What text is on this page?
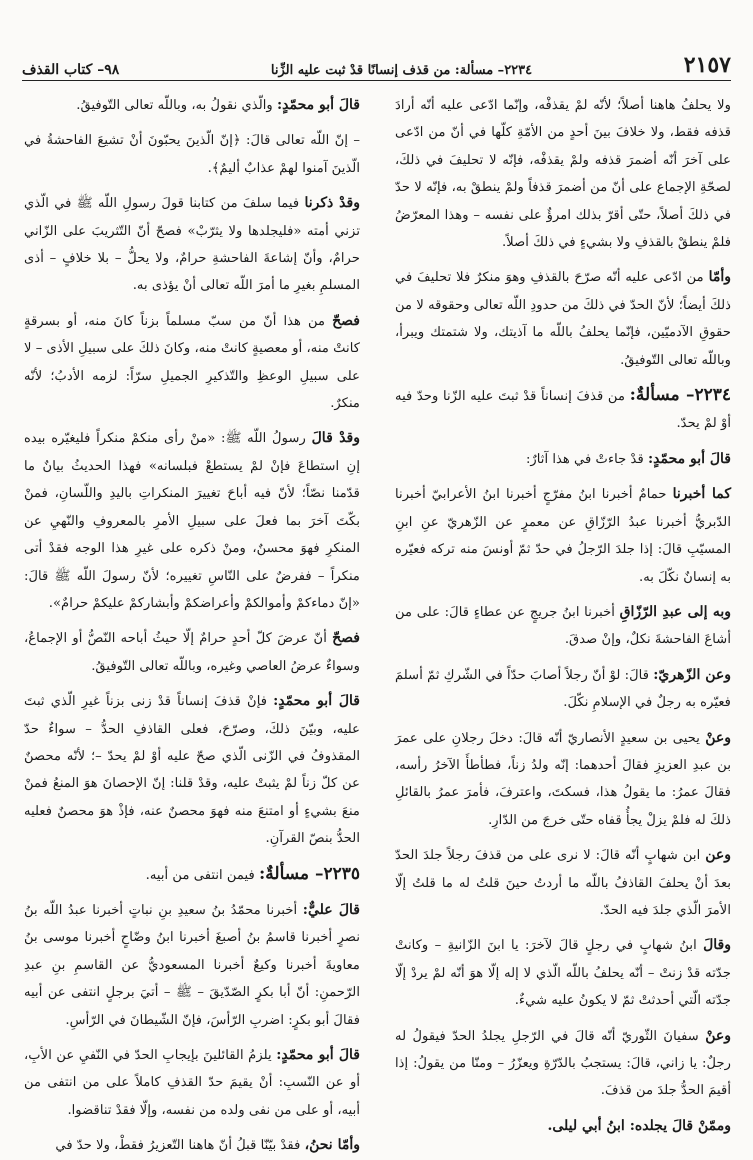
٢١٥٧
٢٢٣٤– مسألة: من قذف إنسانًا قدْ ثبت عليه الزِّنا
٩٨– كتاب القذف

ولا يحلفُ هاهنا أصلاً؛ لأنّه لمْ يقذفْه، وإنّما ادّعى عليه أنّه أرادَ قذفه فقط، ولا خلافَ بينَ أحدٍ من الأمّةِ كلّها في أنّ من ادّعى على آخرَ أنّه أضمرَ قذفه ولمْ يقذفْه، فإنّه لا تحليفَ في ذلكَ، لصحّةِ الإجماع على أنّ من أضمرَ قذفاً ولمْ ينطقْ به، فإنّه لا حدّ في ذلكَ أصلاً، حتّى أقرّ بذلك امرؤٌ على نفسه – وهذا المعرّضُ فلمْ ينطقْ بالقذفِ ولا بشيءٍ في ذلكَ أصلاً.

وأمّا من ادّعى عليه أنّه صرّحَ بالقذفِ وهوَ منكرٌ فلا تحليفَ في ذلكَ أيضاً؛ لأنّ الحدّ في ذلكَ من حدودِ اللّه تعالى وحقوقه لا من حقوقِ الآدميّين، فإنّما يحلفُ باللّه ما آذيتك، ولا شتمتك ويبرأ، وباللّه تعالى التّوفيقُ.

٢٢٣٤– مسألةٌ: من قذفَ إنساناً قدْ ثبتَ عليه الزّنا وحدّ فيه أوْ لمْ يحدّ.

قالَ أبو محمّدٍ: قدْ جاءتْ في هذا آثارٌ:

كما أخبرنا حمامٌ أخبرنا ابنُ مفرّجٍ أخبرنا ابنُ الأعرابيّ أخبرنا الدّبريُّ أخبرنا عبدُ الرّزّاقِ عن معمرٍ عن الزّهريّ عنِ ابنِ المسيّبِ قالَ: إذا جلدَ الرّجلُ في حدّ ثمّ أونسَ منه تركه فعيّره به إنسانٌ نكّلَ به.

وبه إلى عبدِ الرّزّاقِ أخبرنا ابنُ جريجٍ عن عطاءٍ قالَ: على من أشاعَ الفاحشةَ نكلٌ، وإنْ صدقَ.

وعن الزّهريّ: قالَ: لوْ أنّ رجلاً أصابَ حدّاً في الشّركِ ثمّ أسلمَ فعيّره به رجلٌ في الإسلامِ نكّلَ.

وعنْ يحيى بن سعيدٍ الأنصاريّ أنّه قالَ: دخلَ رجلانِ على عمرَ بن عبدِ العزيزِ فقالَ أحدهما: إنّه ولدُ زناً، فطأطأَ الآخرُ رأسه، فقالَ عمرُ: ما يقولُ هذا، فسكتَ، واعترفَ، فأمرَ عمرُ بالقائلِ ذلكَ له فلمْ يزلْ يجأُ قفاه حتّى خرجَ من الدّارِ.

وعن ابن شهابٍ أنّه قالَ: لا نرى على من قذفَ رجلاً جلدَ الحدّ بعدَ أنْ يحلفَ القاذفُ باللّه ما أردتُ حينَ قلتُ له ما قلتُ إلّا الأمرَ الّذي جلدَ فيه الحدّ.

وقالَ ابنُ شهابٍ في رجلٍ قالَ لآخرَ: يا ابنَ الزّانيةِ – وكانتْ جدّته قدْ زنتْ – أنّه يحلفُ باللّه الّذي لا إله إلّا هوَ أنّه لمْ يردْ إلّا جدّته الّتي أحدثتْ ثمّ لا يكونُ عليه شيءٌ.

وعنْ سفيانَ الثّوريّ أنّه قالَ في الرّجلِ يجلدُ الحدّ فيقولُ له رجلٌ: يا زاني، قالَ: يستجبُ بالدّرّةِ ويعزّرُ – ومنّا من يقولُ: إذا أقيمَ الحدُّ جلدَ من قذفَ.

وممّنْ قالَ يجلده: ابنُ أبي ليلى.

قالَ أبو محمّدٍ: والّذي نقولُ به، وباللّه تعالى التّوفيقُ.

– إنّ اللّه تعالى قالَ: ﴿إنّ الّذينَ يحبّونَ أنْ تشيعَ الفاحشةُ في الّذينَ آمنوا لهمْ عذابٌ أليمٌ﴾.

وقدْ ذكرنا فيما سلفَ من كتابنا قولَ رسولِ اللّه ﷺ في الّذي تزني أمته «فليجلدها ولا يثرّبْ» فصحّ أنّ التّثريبَ على الزّاني حرامٌ، وأنّ إشاعةَ الفاحشةِ حرامٌ، ولا يحلُّ – بلا خلافٍ – أذى المسلمِ بغيرِ ما أمرَ اللّه تعالى أنْ يؤذى به.

فصحّ من هذا أنّ من سبّ مسلماً بزناً كانَ منه، أو بسرقةٍ كانتْ منه، أو معصيةٍ كانتْ منه، وكانَ ذلكَ على سبيلِ الأذى – لا على سبيلِ الوعظِ والتّذكيرِ الجميلِ سرّاً: لزمه الأدبُ؛ لأنّه منكرٌ.

وقدْ قالَ رسولُ اللّه ﷺ: «منْ رأى منكمْ منكراً فليغيّره بيده إنِ استطاعَ فإنْ لمْ يستطعْ فبلسانه» فهذا الحديثُ بيانٌ ما قدّمنا نصّاً؛ لأنّ فيه أباحَ تغييرَ المنكراتِ باليدِ واللّسانِ، فمنْ بكّتَ آخرَ بما فعلَ على سبيلِ الأمرِ بالمعروفِ والنّهيِ عن المنكرِ فهوَ محسنٌ، ومنْ ذكره على غيرِ هذا الوجه فقدْ أتى منكراً – ففرضٌ على النّاسِ تغييره؛ لأنّ رسولَ اللّه ﷺ قالَ: «إنّ دماءكمْ وأموالكمْ وأعراضكمْ وأبشاركمْ عليكمْ حرامٌ».

فصحّ أنّ عرضَ كلّ أحدٍ حرامٌ إلّا حيثُ أباحه النّصُّ أو الإجماعُ، وسواءٌ عرضُ العاصي وغيره، وباللّه تعالى التّوفيقُ.

قالَ أبو محمّدٍ: فإنْ قذفَ إنساناً قدْ زنى بزناً غيرِ الّذي ثبتَ عليه، وبيّنَ ذلكَ، وصرّحَ، فعلى القاذفِ الحدُّ – سواءٌ حدّ المقذوفُ في الزّنى الّذي صحّ عليه أوْ لمْ يحدّ –؛ لأنّه محصنٌ عن كلّ زناً لمْ يثبتْ عليه، وقدْ قلنا: إنّ الإحصانَ هوَ المنعُ فمنْ منعَ بشيءٍ أو امتنعَ منه فهوَ محصنٌ عنه، فإذْ هوَ محصنٌ فعليه الحدُّ بنصّ القرآنِ.

٢٢٣٥– مسألةٌ: فيمن انتفى من أبيه.

قالَ عليٌّ: أخبرنا محمّدُ بنُ سعيدِ بنِ نباتٍ أخبرنا عبدُ اللّه بنُ نصرٍ أخبرنا قاسمُ بنُ أصبغَ أخبرنا ابنُ وضّاحٍ أخبرنا موسى بنُ معاويةَ أخبرنا وكيعٌ أخبرنا المسعوديُّ عن القاسمِ بنِ عبدِ الرّحمنِ: أنّ أبا بكرٍ الصّدّيقَ – ﷺ – أتيَ برجلٍ انتفى عن أبيه فقالَ أبو بكرٍ: اضربِ الرّأسَ، فإنّ الشّيطانَ في الرّأسِ.

قالَ أبو محمّدٍ: يلزمُ القائلينَ بإيجابِ الحدّ في النّفيِ عن الأبِ، أو عن النّسبِ: أنْ يقيمَ حدّ القذفِ كاملاً على من انتفى من أبيه، أو على من نفى ولده من نفسه، وإلّا فقدْ تناقضوا.

وأمّا نحنُ، فقدْ بيّنّا قبلُ أنّ هاهنا التّعزيرُ فقطْ، ولا حدّ في
